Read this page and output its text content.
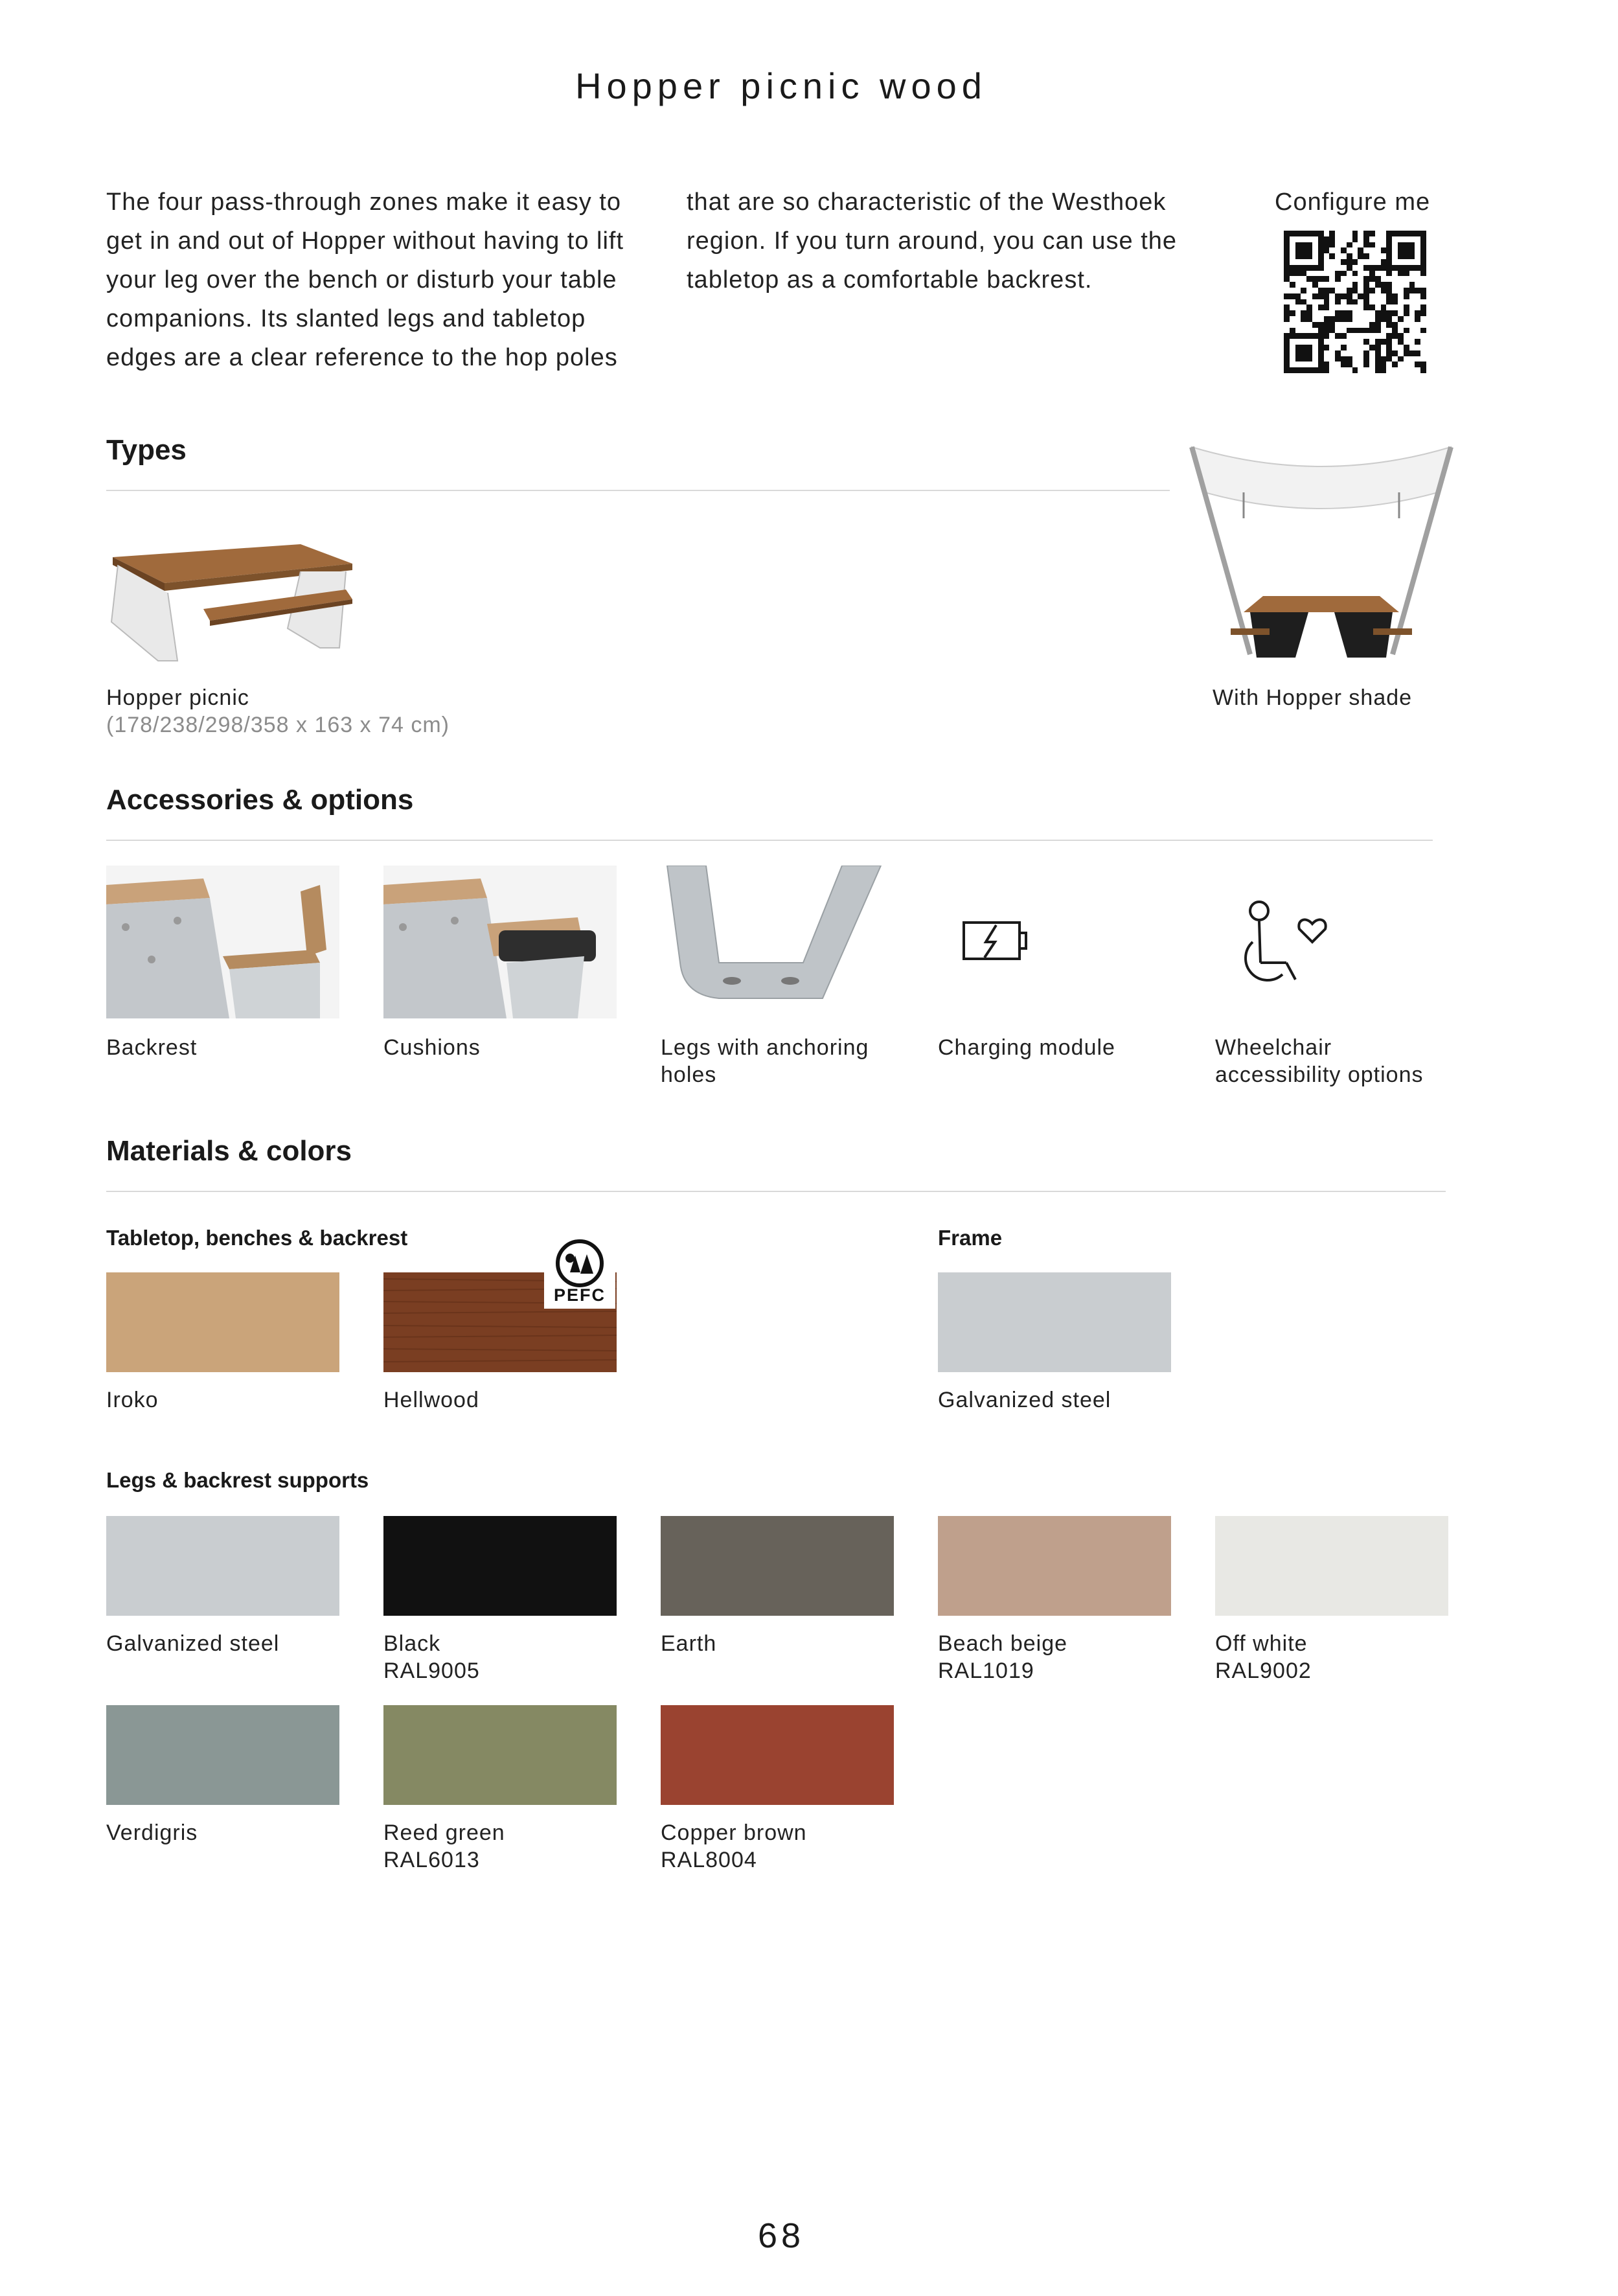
Hopper picnic wood
The four pass-through zones make it easy to
get in and out of Hopper without having to lift
your leg over the bench or disturb your table
companions. Its slanted legs and tabletop
edges are a clear reference to the hop poles
that are so characteristic of the Westhoek
region. If you turn around, you can use the
tabletop as a comfortable backrest.
Configure me
Types
Hopper picnic
(178/238/298/358 x 163 x 74 cm)
With Hopper shade
Accessories & options
Backrest	Cushions	Legs with anchoring
holes
Charging module	Wheelchair
accessibility options
Materials & colors
Tabletop, benches & backrest	Frame
PEFC
Iroko	Hellwood	Galvanized steel
Legs & backrest supports
Galvanized steel	Black
RAL9005
Earth	Beach beige
RAL1019
Off white
RAL9002
Verdigris	Reed green
RAL6013
Copper brown
RAL8004
68
